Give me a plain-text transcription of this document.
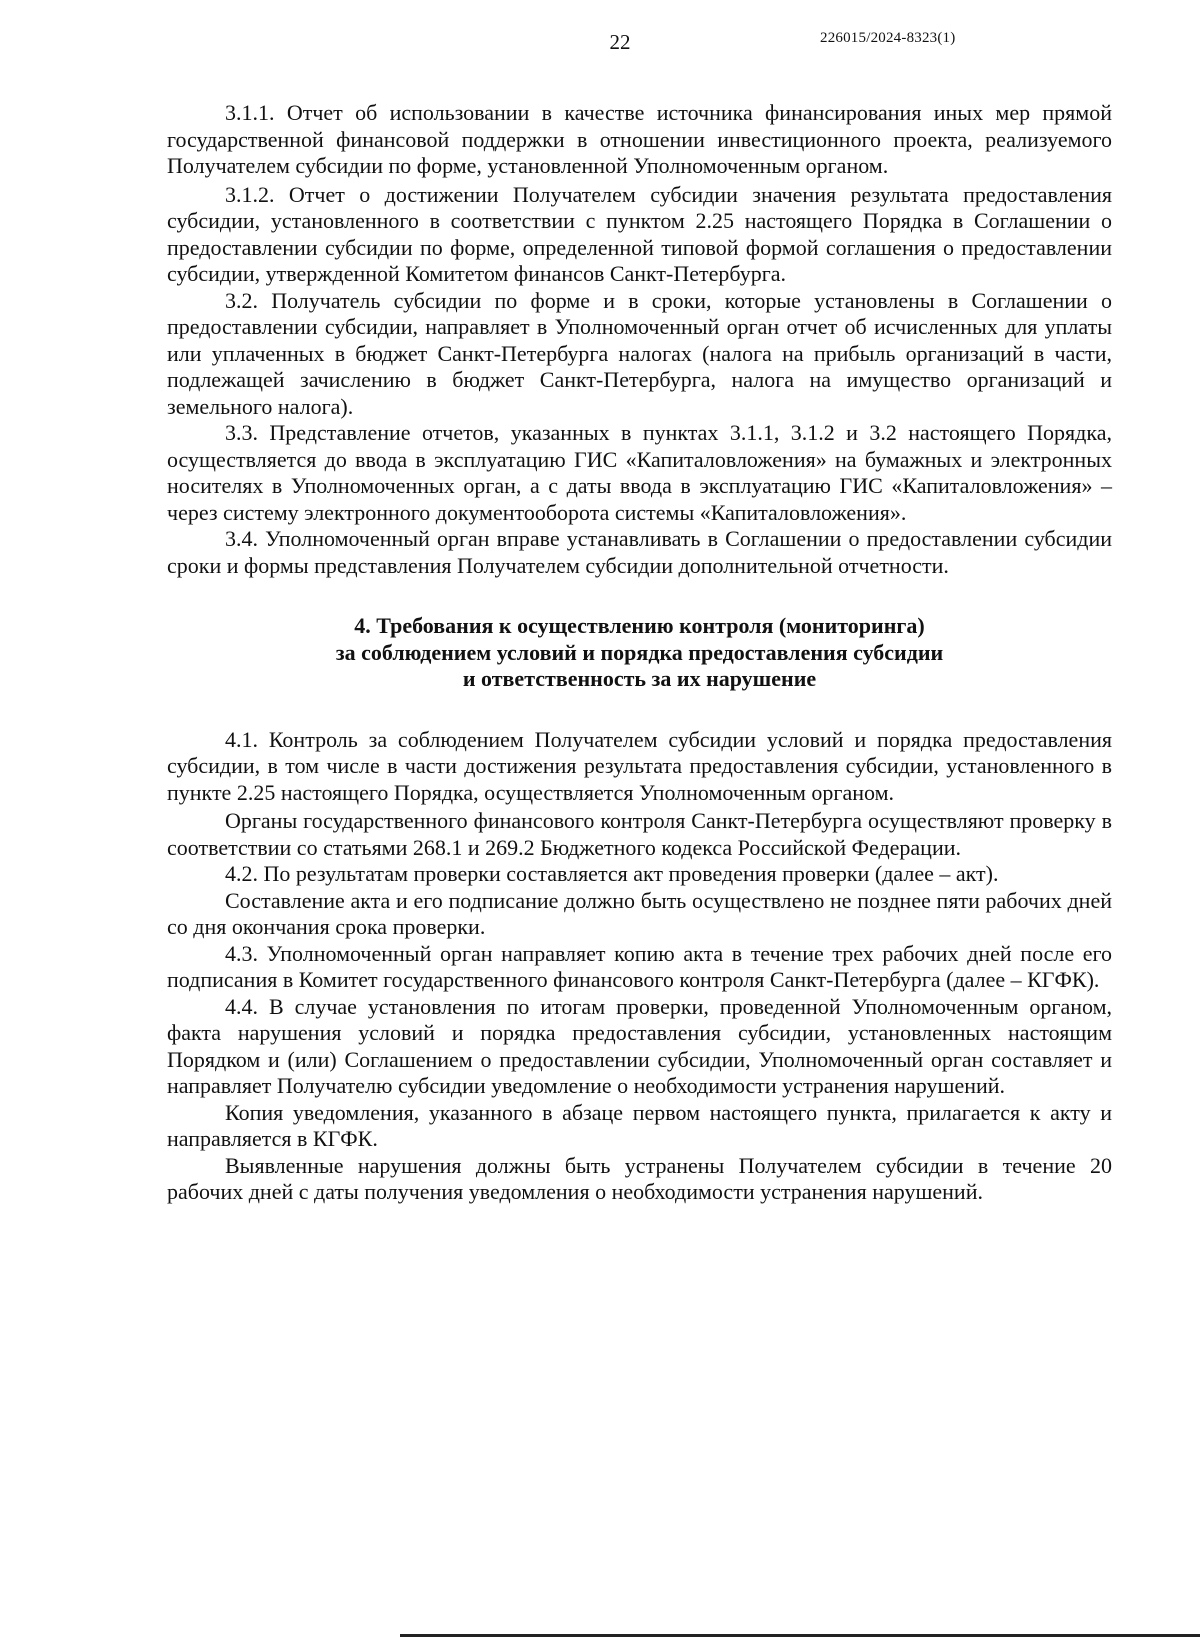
22	226015/2024-8323(1)

3.1.1. Отчет об использовании в качестве источника финансирования иных мер прямой государственной финансовой поддержки в отношении инвестиционного проекта, реализуемого Получателем субсидии по форме, установленной Уполномоченным органом.

3.1.2. Отчет о достижении Получателем субсидии значения результата предоставления субсидии, установленного в соответствии с пунктом 2.25 настоящего Порядка в Соглашении о предоставлении субсидии по форме, определенной типовой формой соглашения о предоставлении субсидии, утвержденной Комитетом финансов Санкт-Петербурга.

3.2. Получатель субсидии по форме и в сроки, которые установлены в Соглашении о предоставлении субсидии, направляет в Уполномоченный орган отчет об исчисленных для уплаты или уплаченных в бюджет Санкт-Петербурга налогах (налога на прибыль организаций в части, подлежащей зачислению в бюджет Санкт-Петербурга, налога на имущество организаций и земельного налога).

3.3. Представление отчетов, указанных в пунктах 3.1.1, 3.1.2 и 3.2 настоящего Порядка, осуществляется до ввода в эксплуатацию ГИС «Капиталовложения» на бумажных и электронных носителях в Уполномоченных орган, а с даты ввода в эксплуатацию ГИС «Капиталовложения» – через систему электронного документооборота системы «Капиталовложения».

3.4. Уполномоченный орган вправе устанавливать в Соглашении о предоставлении субсидии сроки и формы представления Получателем субсидии дополнительной отчетности.

4. Требования к осуществлению контроля (мониторинга)
за соблюдением условий и порядка предоставления субсидии
и ответственность за их нарушение

4.1. Контроль за соблюдением Получателем субсидии условий и порядка предоставления субсидии, в том числе в части достижения результата предоставления субсидии, установленного в пункте 2.25 настоящего Порядка, осуществляется Уполномоченным органом.

Органы государственного финансового контроля Санкт-Петербурга осуществляют проверку в соответствии со статьями 268.1 и 269.2 Бюджетного кодекса Российской Федерации.

4.2. По результатам проверки составляется акт проведения проверки (далее – акт).

Составление акта и его подписание должно быть осуществлено не позднее пяти рабочих дней со дня окончания срока проверки.

4.3. Уполномоченный орган направляет копию акта в течение трех рабочих дней после его подписания в Комитет государственного финансового контроля Санкт-Петербурга (далее – КГФК).

4.4. В случае установления по итогам проверки, проведенной Уполномоченным органом, факта нарушения условий и порядка предоставления субсидии, установленных настоящим Порядком и (или) Соглашением о предоставлении субсидии, Уполномоченный орган составляет и направляет Получателю субсидии уведомление о необходимости устранения нарушений.

Копия уведомления, указанного в абзаце первом настоящего пункта, прилагается к акту и направляется в КГФК.

Выявленные нарушения должны быть устранены Получателем субсидии в течение 20 рабочих дней с даты получения уведомления о необходимости устранения нарушений.
